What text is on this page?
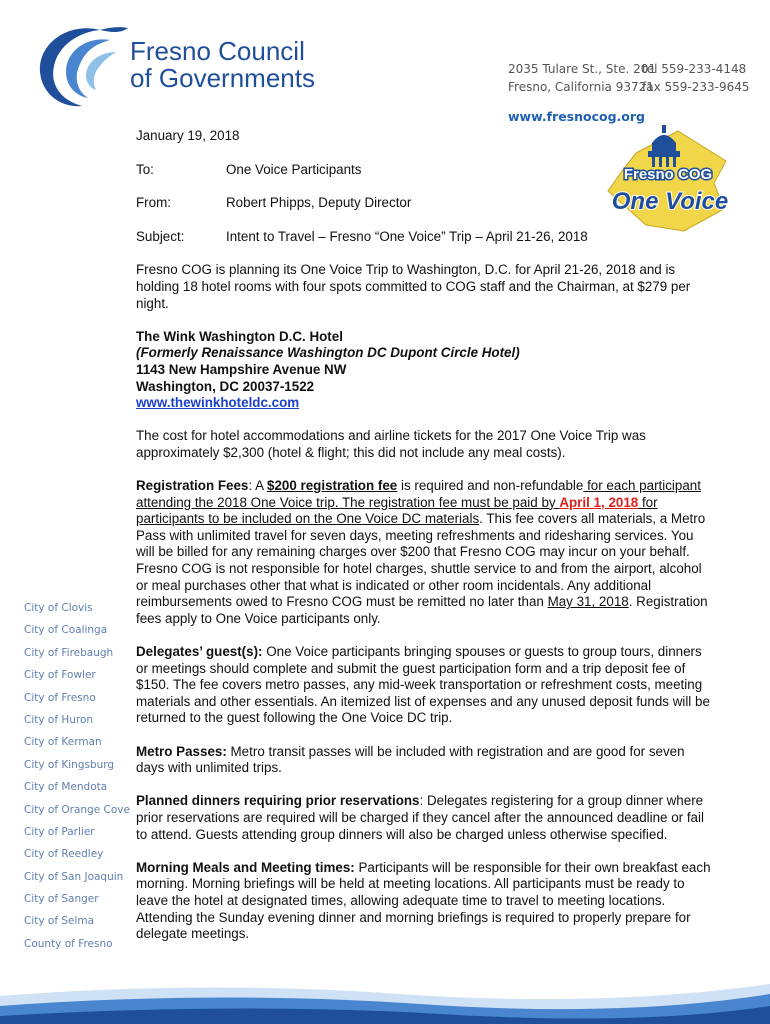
Fresno Council
of Governments	2035 Tulare St., Ste. 201
tel 559-233-4148
Fresno, California 93721
fax 559-233-9645
www.fresnocog.org
Fresno COG
One Voice
City of Clovis
City of Coalinga
City of Firebaugh
City of Fowler
City of Fresno
City of Huron
City of Kerman
City of Kingsburg
City of Mendota
City of Orange Cove
City of Parlier
City of Reedley
City of San Joaquin
City of Sanger
City of Selma
County of Fresno

January 19, 2018

To:	One Voice Participants
From:	Robert Phipps, Deputy Director
Subject:	Intent to Travel – Fresno “One Voice” Trip – April 21-26, 2018

Fresno COG is planning its One Voice Trip to Washington, D.C. for April 21-26, 2018 and is holding 18 hotel rooms with four spots committed to COG staff and the Chairman, at $279 per night.

The Wink Washington D.C. Hotel
(Formerly Renaissance Washington DC Dupont Circle Hotel)
1143 New Hampshire Avenue NW
Washington, DC 20037-1522
www.thewinkhoteldc.com

The cost for hotel accommodations and airline tickets for the 2017 One Voice Trip was approximately $2,300 (hotel & flight; this did not include any meal costs).

Registration Fees: A $200 registration fee is required and non-refundable for each participant attending the 2018 One Voice trip. The registration fee must be paid by April 1, 2018 for participants to be included on the One Voice DC materials. This fee covers all materials, a Metro Pass with unlimited travel for seven days, meeting refreshments and ridesharing services. You will be billed for any remaining charges over $200 that Fresno COG may incur on your behalf. Fresno COG is not responsible for hotel charges, shuttle service to and from the airport, alcohol or meal purchases other that what is indicated or other room incidentals. Any additional reimbursements owed to Fresno COG must be remitted no later than May 31, 2018. Registration fees apply to One Voice participants only.

Delegates’ guest(s): One Voice participants bringing spouses or guests to group tours, dinners or meetings should complete and submit the guest participation form and a trip deposit fee of $150. The fee covers metro passes, any mid-week transportation or refreshment costs, meeting materials and other essentials. An itemized list of expenses and any unused deposit funds will be returned to the guest following the One Voice DC trip.

Metro Passes: Metro transit passes will be included with registration and are good for seven days with unlimited trips.

Planned dinners requiring prior reservations: Delegates registering for a group dinner where prior reservations are required will be charged if they cancel after the announced deadline or fail to attend. Guests attending group dinners will also be charged unless otherwise specified.

Morning Meals and Meeting times: Participants will be responsible for their own breakfast each morning. Morning briefings will be held at meeting locations. All participants must be ready to leave the hotel at designated times, allowing adequate time to travel to meeting locations. Attending the Sunday evening dinner and morning briefings is required to properly prepare for delegate meetings.
